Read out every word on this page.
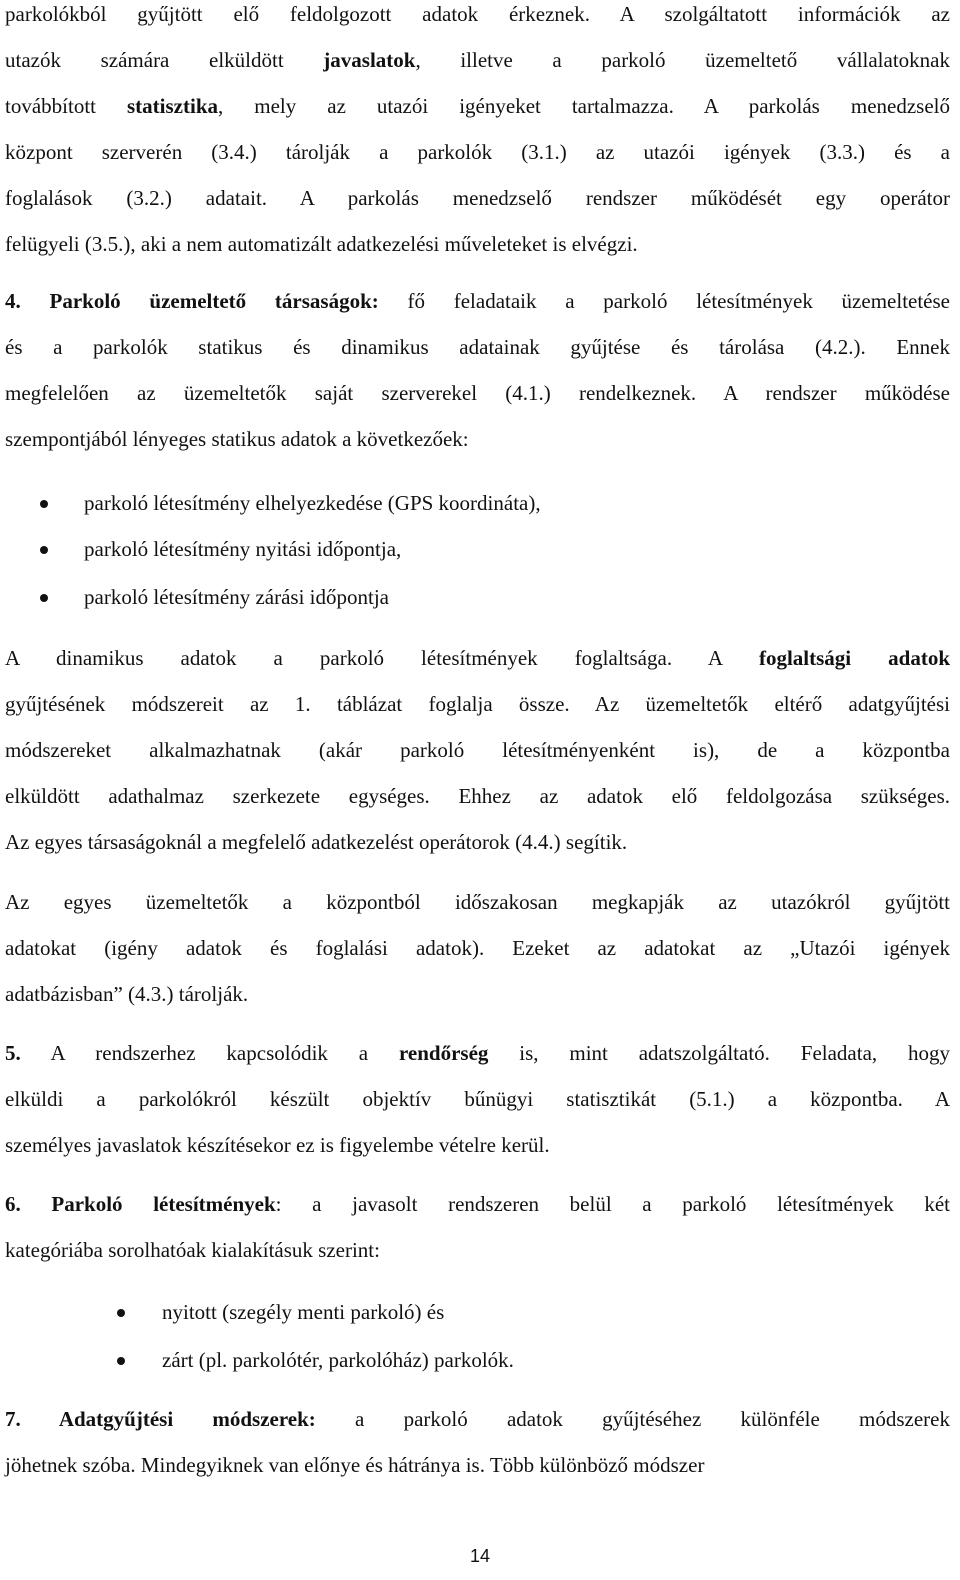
parkolókból gyűjtött elő feldolgozott adatok érkeznek. A szolgáltatott információk az
utazók számára elküldött javaslatok, illetve a parkoló üzemeltető vállalatoknak
továbbított statisztika, mely az utazói igényeket tartalmazza. A parkolás menedzselő
központ szerverén (3.4.) tárolják a parkolók (3.1.) az utazói igények (3.3.) és a
foglalások (3.2.) adatait. A parkolás menedzselő rendszer működését egy operátor
felügyeli (3.5.), aki a nem automatizált adatkezelési műveleteket is elvégzi.
4. Parkoló üzemeltető társaságok: fő feladataik a parkoló létesítmények üzemeltetése
és a parkolók statikus és dinamikus adatainak gyűjtése és tárolása (4.2.). Ennek
megfelelően az üzemeltetők saját szerverekel (4.1.) rendelkeznek. A rendszer működése
szempontjából lényeges statikus adatok a következőek:
parkoló létesítmény elhelyezkedése (GPS koordináta),
parkoló létesítmény nyitási időpontja,
parkoló létesítmény zárási időpontja
A dinamikus adatok a parkoló létesítmények foglaltsága. A foglaltsági adatok
gyűjtésének módszereit az 1. táblázat foglalja össze. Az üzemeltetők eltérő adatgyűjtési
módszereket alkalmazhatnak (akár parkoló létesítményenként is), de a központba
elküldött adathalmaz szerkezete egységes. Ehhez az adatok elő feldolgozása szükséges.
Az egyes társaságoknál a megfelelő adatkezelést operátorok (4.4.) segítik.
Az egyes üzemeltetők a központból időszakosan megkapják az utazókról gyűjtött
adatokat (igény adatok és foglalási adatok). Ezeket az adatokat az „Utazói igények
adatbázisban” (4.3.) tárolják.
5. A rendszerhez kapcsolódik a rendőrség is, mint adatszolgáltató. Feladata, hogy
elküldi a parkolókról készült objektív bűnügyi statisztikát (5.1.) a központba. A
személyes javaslatok készítésekor ez is figyelembe vételre kerül.
6. Parkoló létesítmények: a javasolt rendszeren belül a parkoló létesítmények két
kategóriába sorolhatóak kialakításuk szerint:
nyitott (szegély menti parkoló) és
zárt (pl. parkolótér, parkolóház) parkolók.
7. Adatgyűjtési módszerek: a parkoló adatok gyűjtéséhez különféle módszerek
jöhetnek szóba. Mindegyiknek van előnye és hátránya is. Több különböző módszer
14
